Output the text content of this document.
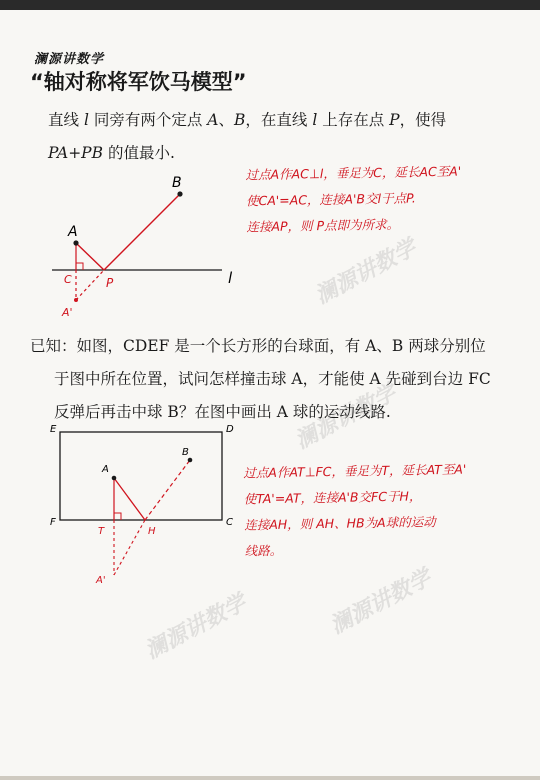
澜源讲数学
澜源讲数学
澜源讲数学	澜源讲数学
澜源讲数学
“轴对称将军饮马模型”
直线 l 同旁有两个定点 A、B，在直线 l 上存在点 P，使得
PA+PB 的值最小.
A
B
C	P
A'
l
过点A作AC⊥l，垂足为C，延长AC至A'
使CA'=AC，连接A'B交l于点P.
连接AP，则 P点即为所求。
已知：如图，CDEF 是一个长方形的台球面，有 A、B 两球分别位
于图中所在位置，试问怎样撞击球 A，才能使 A 先碰到台边 FC
反弹后再击中球 B？在图中画出 A 球的运动线路.
E	D
F	C
A
B
T	H
A'
过点A作AT⊥FC，垂足为T，延长AT至A'
使TA'=AT，连接A'B交FC于H，
连接AH，则 AH、HB为A球的运动
线路。
